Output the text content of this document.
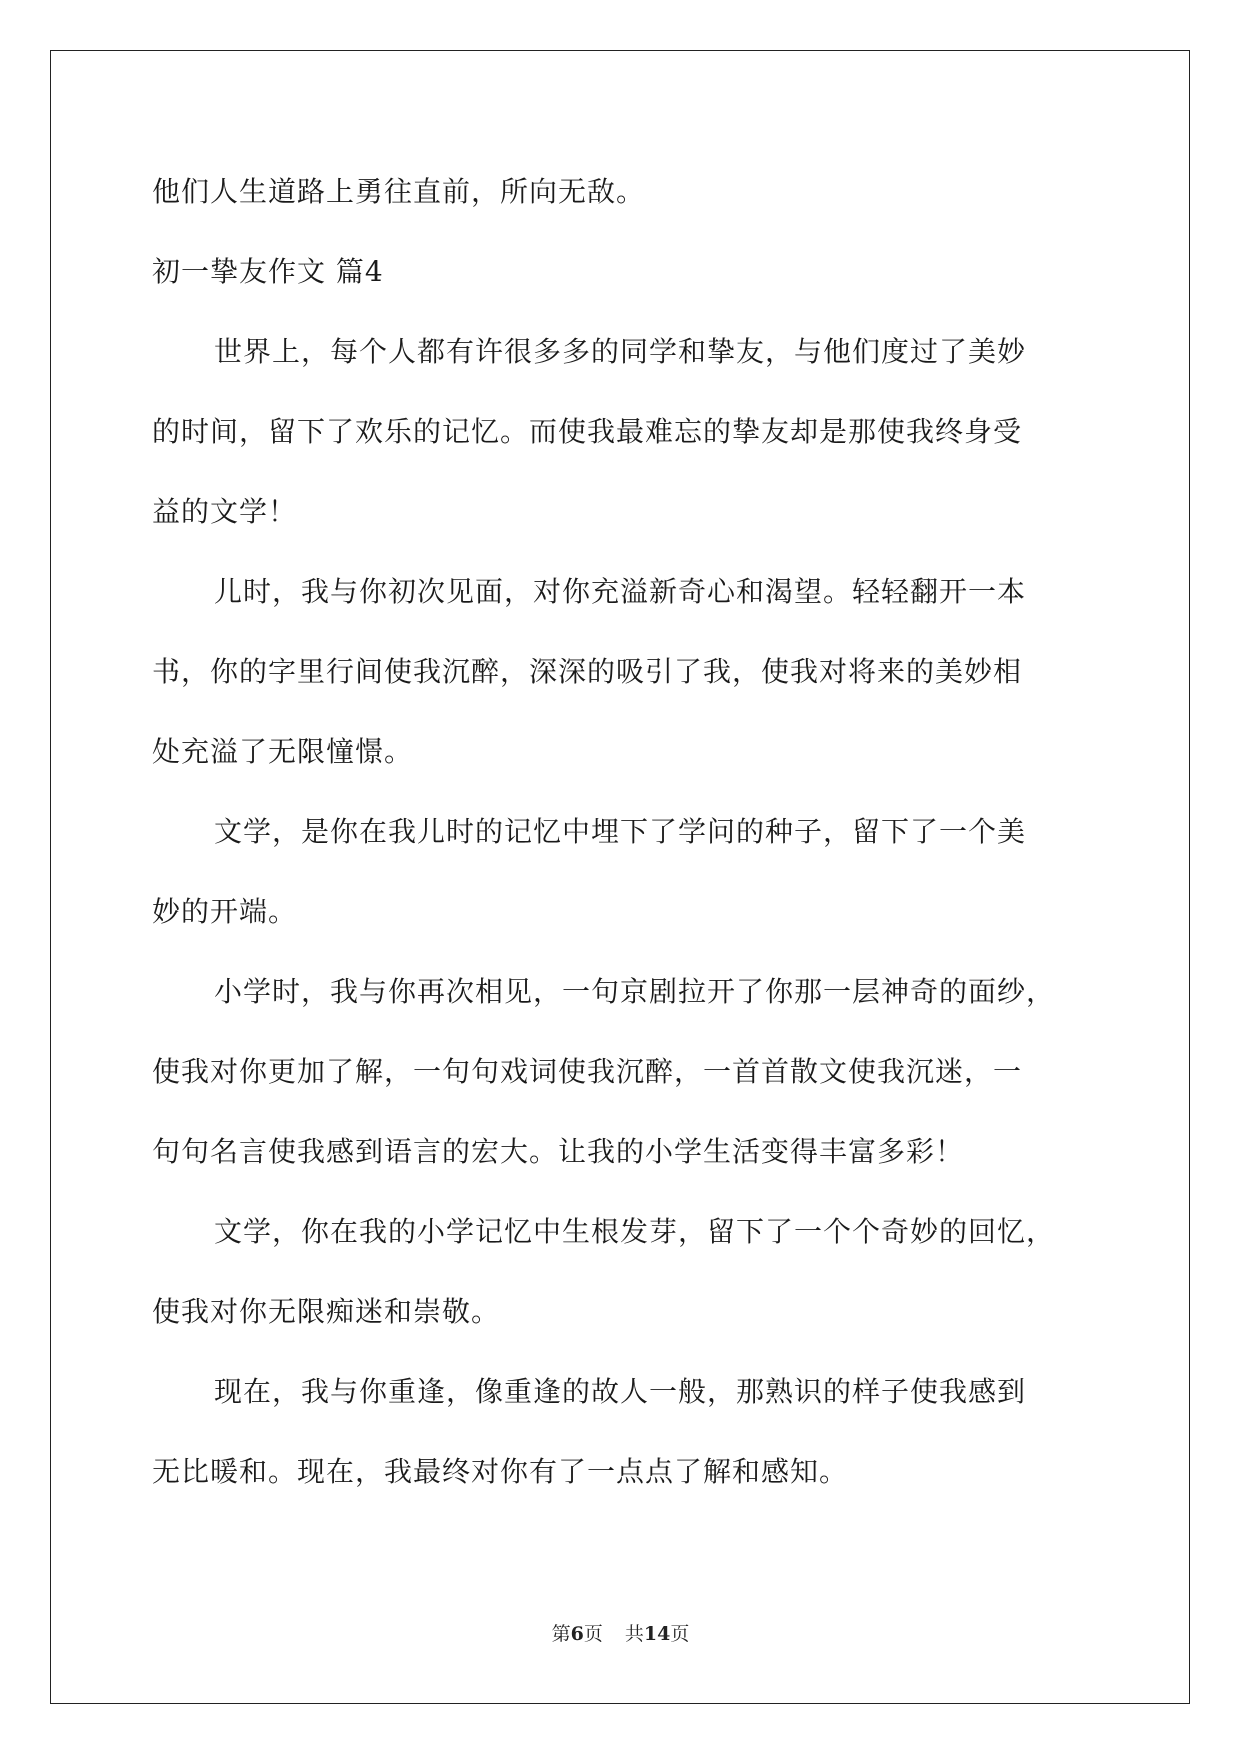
他们人生道路上勇往直前，所向无敌。
初一挚友作文 篇4
世界上，每个人都有许很多多的同学和挚友，与他们度过了美妙
的时间，留下了欢乐的记忆。而使我最难忘的挚友却是那使我终身受
益的文学！
儿时，我与你初次见面，对你充溢新奇心和渴望。轻轻翻开一本
书，你的字里行间使我沉醉，深深的吸引了我，使我对将来的美妙相
处充溢了无限憧憬。
文学，是你在我儿时的记忆中埋下了学问的种子，留下了一个美
妙的开端。
小学时，我与你再次相见，一句京剧拉开了你那一层神奇的面纱，
使我对你更加了解，一句句戏词使我沉醉，一首首散文使我沉迷，一
句句名言使我感到语言的宏大。让我的小学生活变得丰富多彩！
文学，你在我的小学记忆中生根发芽，留下了一个个奇妙的回忆，
使我对你无限痴迷和崇敬。
现在，我与你重逢，像重逢的故人一般，那熟识的样子使我感到
无比暖和。现在，我最终对你有了一点点了解和感知。
第6页 共14页
